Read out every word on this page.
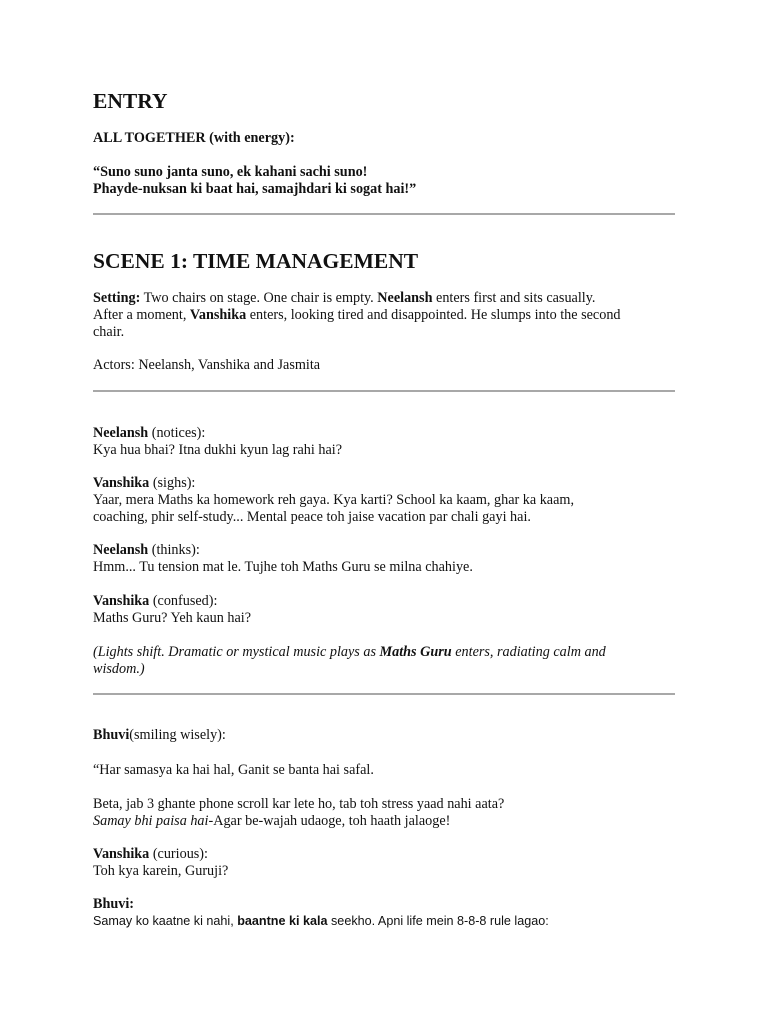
ENTRY

ALL TOGETHER (with energy):

“Suno suno janta suno, ek kahani sachi suno!

Phayde-nuksan ki baat hai, samajhdari ki sogat hai!”

SCENE 1: TIME MANAGEMENT

Setting: Two chairs on stage. One chair is empty. Neelansh enters first and sits casually.

After a moment, Vanshika enters, looking tired and disappointed. He slumps into the second

chair.

Actors: Neelansh, Vanshika and Jasmita

Neelansh (notices):

Kya hua bhai? Itna dukhi kyun lag rahi hai?

Vanshika (sighs):

Yaar, mera Maths ka homework reh gaya. Kya karti? School ka kaam, ghar ka kaam,

coaching, phir self-study... Mental peace toh jaise vacation par chali gayi hai.

Neelansh (thinks):

Hmm... Tu tension mat le. Tujhe toh Maths Guru se milna chahiye.

Vanshika (confused):

Maths Guru? Yeh kaun hai?

(Lights shift. Dramatic or mystical music plays as Maths Guru enters, radiating calm and

wisdom.)

Bhuvi(smiling wisely):

“Har samasya ka hai hal, Ganit se banta hai safal.

Beta, jab 3 ghante phone scroll kar lete ho, tab toh stress yaad nahi aata?

Samay bhi paisa hai-Agar be-wajah udaoge, toh haath jalaoge!

Vanshika (curious):

Toh kya karein, Guruji?

Bhuvi:

Samay ko kaatne ki nahi, baantne ki kala seekho. Apni life mein 8-8-8 rule lagao:
